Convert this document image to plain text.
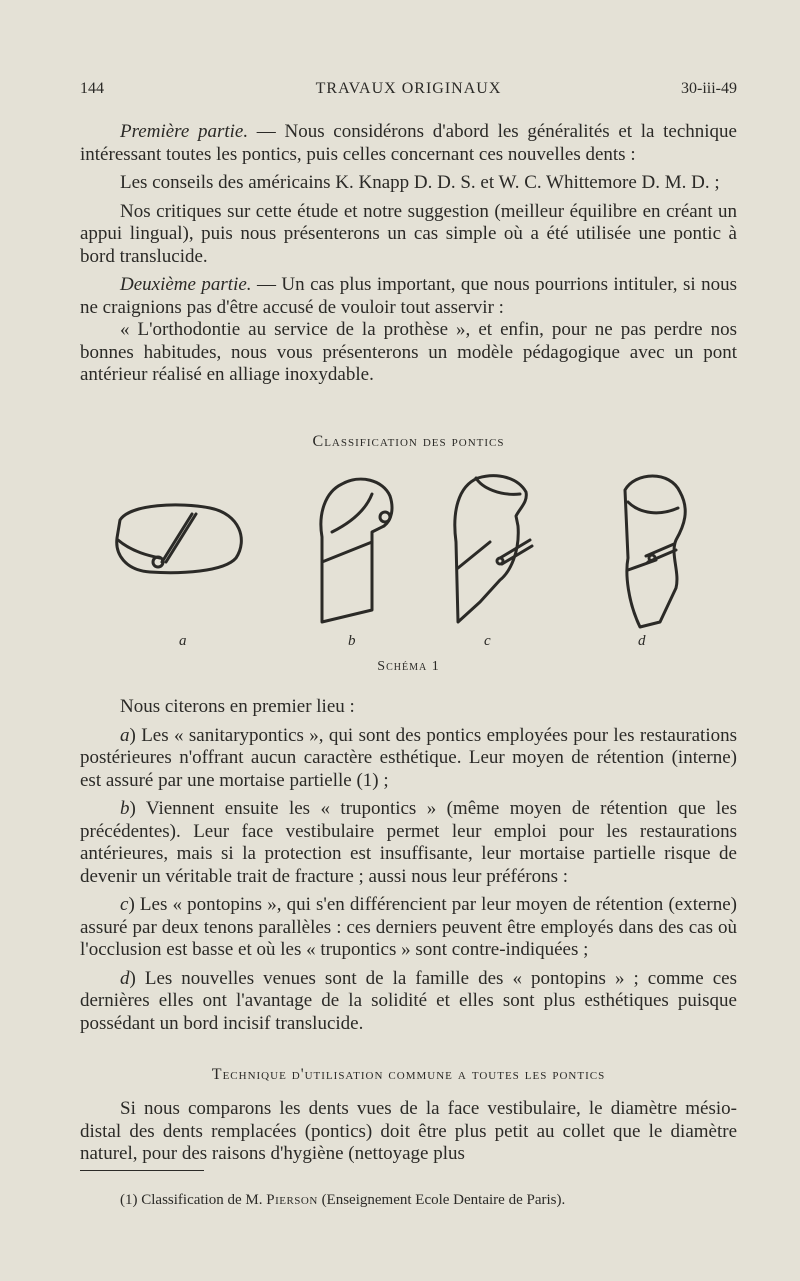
144	TRAVAUX ORIGINAUX	30-iii-49

Première partie. — Nous considérons d'abord les généralités et la technique intéressant toutes les pontics, puis celles concernant ces nouvelles dents :

Les conseils des américains K. Knapp D. D. S. et W. C. Whittemore D. M. D. ;

Nos critiques sur cette étude et notre suggestion (meilleur équilibre en créant un appui lingual), puis nous présenterons un cas simple où a été utilisée une pontic à bord translucide.

Deuxième partie. — Un cas plus important, que nous pourrions intituler, si nous ne craignions pas d'être accusé de vouloir tout asservir :

« L'orthodontie au service de la prothèse », et enfin, pour ne pas perdre nos bonnes habitudes, nous vous présenterons un modèle pédagogique avec un pont antérieur réalisé en alliage inoxydable.

Classification des pontics
a	b	c	d
Schéma 1

Nous citerons en premier lieu :

a) Les « sanitarypontics », qui sont des pontics employées pour les restaurations postérieures n'offrant aucun caractère esthétique. Leur moyen de rétention (interne) est assuré par une mortaise partielle (1) ;

b) Viennent ensuite les « trupontics » (même moyen de rétention que les précédentes). Leur face vestibulaire permet leur emploi pour les restaurations antérieures, mais si la protection est insuffisante, leur mortaise partielle risque de devenir un véritable trait de fracture ; aussi nous leur préférons :

c) Les « pontopins », qui s'en différencient par leur moyen de rétention (externe) assuré par deux tenons parallèles : ces derniers peuvent être employés dans des cas où l'occlusion est basse et où les « trupontics » sont contre-indiquées ;

d) Les nouvelles venues sont de la famille des « pontopins » ; comme ces dernières elles ont l'avantage de la solidité et elles sont plus esthétiques puisque possédant un bord incisif translucide.

Technique d'utilisation commune a toutes les pontics

Si nous comparons les dents vues de la face vestibulaire, le diamètre mésio-distal des dents remplacées (pontics) doit être plus petit au collet que le diamètre naturel, pour des raisons d'hygiène (nettoyage plus

(1) Classification de M. Pierson (Enseignement Ecole Dentaire de Paris).
